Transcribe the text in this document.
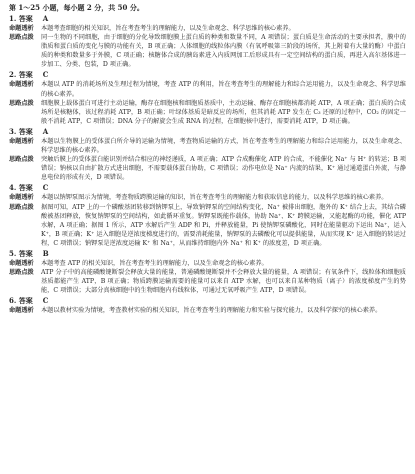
第 1～25 小题，每小题 2 分，共 50 分。

1. 答案 A

命题透析	本题考查细胞的相关知识，旨在考查考生的理解能力，以及生命观念、科学思维的核心素养。
思路点拨	同一生物的不同细胞，由于细胞的分化导致细胞膜上蛋白质的种类和数量不同，A 项错误；蛋白质是生命活动的主要承担者，膜中的脂质和蛋白质的变化与膜的功能有关，B 项正确；人体细胞的线粒体内膜（有氧呼吸第三阶段的场所，其上附着有大量的酶）中蛋白质的种类和数量多于外膜，C 项正确；核糖体合成的胰岛素进入内质网加工后形成具有一定空间结构的蛋白质，再进入高尔基体进一步加工、分类、包装，D 项正确。

2. 答案 C

命题透析	本题以 ATP 的消耗场所及生理过程为情境，考查 ATP 的利用，旨在考查考生的理解能力和综合运用能力，以及生命观念、科学思维的核心素养。
思路点拨	细胞膜上载体蛋白可进行主动运输，酶存在细胞核和细胞质基质中，主动运输、酶存在细胞核都消耗 ATP，A 项正确；蛋白质的合成场所是核糖体，该过程消耗 ATP，B 项正确；叶绿体基质是暗反应的场所，但其消耗 ATP 发生在 C₃ 还原的过程中，CO₂ 的固定一般不消耗 ATP，C 项错误；DNA 分子的解旋会生成 RNA 的过程，在细胞核中进行，需要消耗 ATP，D 项正确。

3. 答案 A

命题透析	本题以生物膜上的受体蛋白所介导的运输为情境，考查物质运输的方式，旨在考查考生的理解能力和综合运用能力，以及生命观念、科学思维的核心素养。
思路点拨	突触后膜上的受体蛋白能识别并结合相应的神经递质，A 项正确；ATP 合成酶催化 ATP 的合成，不能催化 Na⁺ 与 H⁺ 的转运；B 项错误；钠核以自由扩散方式进出细胞，不需要载体蛋白协助，C 项错误；动作电位是 Na⁺ 内流的结果，K⁺ 通过通道蛋白外流，与静息电位的形成有关，D 项错误。

4. 答案 C

命题透析	本题以钠钾泵图示为情境，考查物质跨膜运输的知识，旨在考查考生的理解能力和获取信息的能力，以及科学思维的核心素养。
思路点拨	据图可知，ATP 上的一个磷酸基团转移到钠钾泵上，导致钠钾泵的空间结构变化，Na⁺ 被排出细胞，胞外的 K⁺ 结合上去，其结合磷酸被基团释放，恢复钠钾泵的空间结构，如此循环重复。钠钾泵既能作载体，协助 Na⁺、K⁺ 跨膜运输，又能起酶的功能，催化 ATP 水解，A 项正确；据图 1 所示，ATP 水解后产生 ADP 和 Pi，并释放能量，Pi 使钠钾泵磷酸化，同时在能量驱动下运出 Na⁺，运入 K⁺，B 项正确；K⁺ 运入细胞是逆浓度梯度进行的，需要消耗能量，钠钾泵的去磷酸化可以提供能量，从而实现 K⁺ 运入细胞的转运过程，C 项错误；钠钾泵是逆浓度运输 K⁺ 和 Na⁺，从而维持细胞内外 Na⁺ 和 K⁺ 的浓度差，D 项正确。

5. 答案 B

命题透析	本题考查 ATP 的相关知识，旨在考查考生的理解能力，以及生命观念的核心素养。
思路点拨	ATP 分子中的高能磷酸键断裂会释放大量的能量，普通磷酸键断裂并不会释放大量的能量，A 项错误；有氧条件下，线粒体和细胞质基质都能产生 ATP，B 项正确；物质跨膜运输需要的能量可以来自 ATP 水解，也可以来自某种物质（离子）的浓度梯度产生的势能，C 项错误；大部分真核细胞中的生物细胞内有线粒体，可通过无氧呼吸产生 ATP，D 项错误。

6. 答案 C

命题透析	本题以教材实验为情境，考查教材实验的相关知识，旨在考查考生的理解能力和实验与探究能力，以及科学探究的核心素养。
